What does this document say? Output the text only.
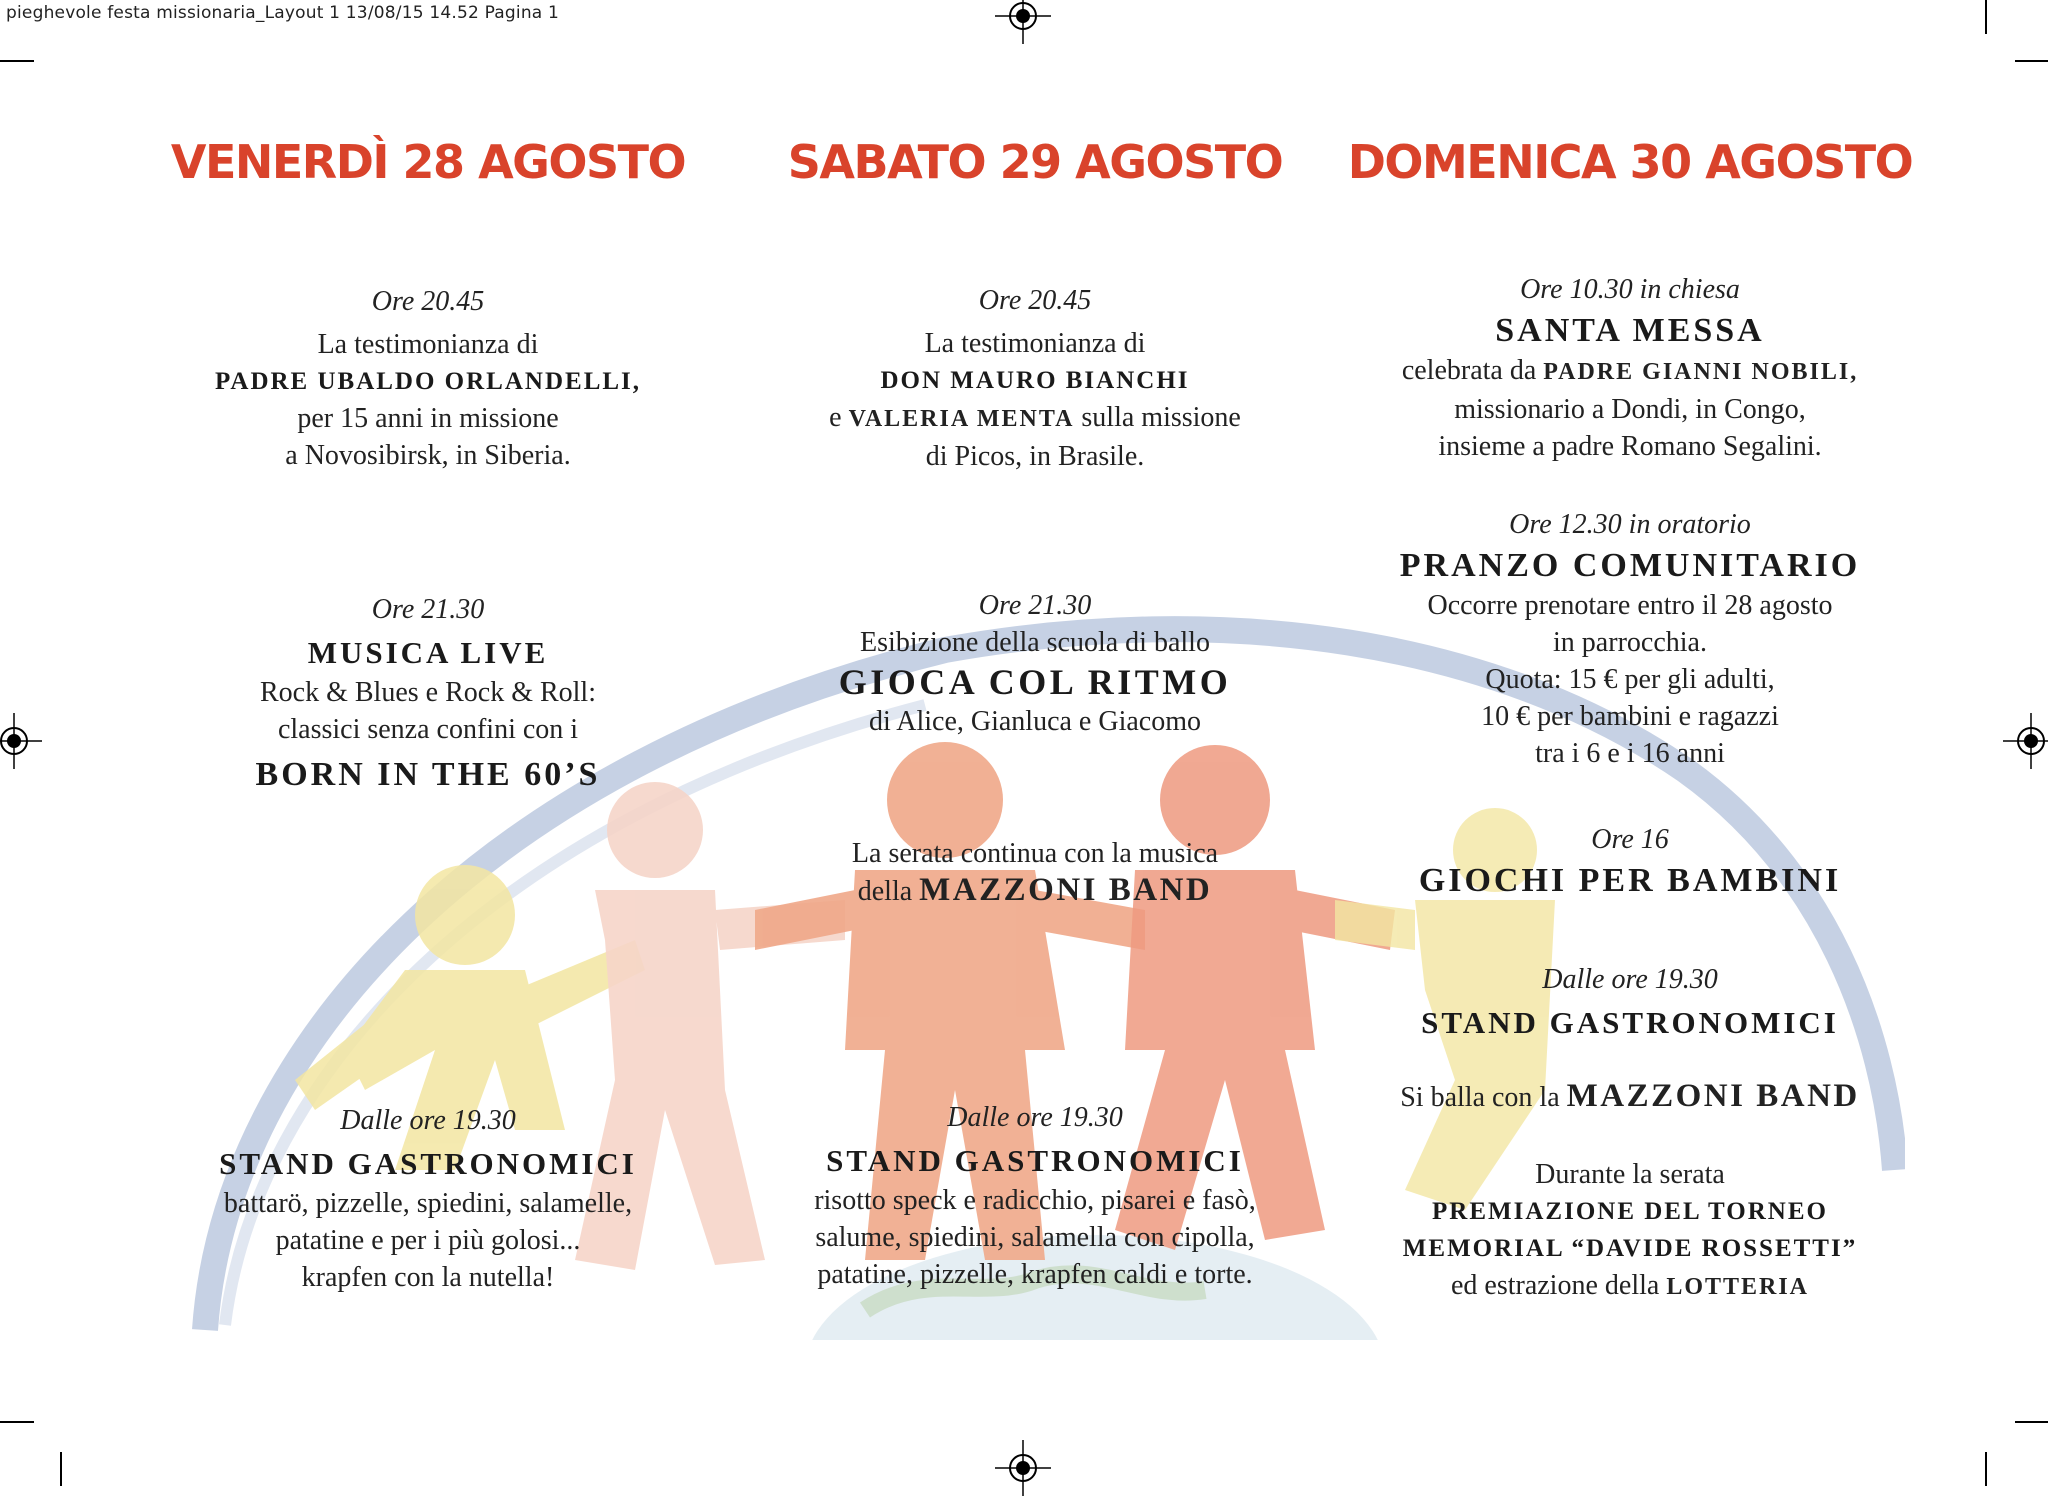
pieghevole festa missionaria_Layout 1 13/08/15 14.52 Pagina 1
VENERDÌ 28 AGOSTO
Ore 20.45
La testimonianza di
PADRE UBALDO ORLANDELLI,
per 15 anni in missione
a Novosibirsk, in Siberia.
Ore 21.30
MUSICA LIVE
Rock & Blues e Rock & Roll:
classici senza confini con i
BORN IN THE 60’S
Dalle ore 19.30
STAND GASTRONOMICI
battarö, pizzelle, spiedini, salamelle,
patatine e per i più golosi...
krapfen con la nutella!
SABATO 29 AGOSTO
Ore 20.45
La testimonianza di
DON MAURO BIANCHI
e VALERIA MENTA sulla missione
di Picos, in Brasile.
Ore 21.30
Esibizione della scuola di ballo
GIOCA COL RITMO
di Alice, Gianluca e Giacomo
La serata continua con la musica
della MAZZONI BAND
Dalle ore 19.30
STAND GASTRONOMICI
risotto speck e radicchio, pisarei e fasò,
salume, spiedini, salamella con cipolla,
patatine, pizzelle, krapfen caldi e torte.
DOMENICA 30 AGOSTO
Ore 10.30 in chiesa
SANTA MESSA
celebrata da PADRE GIANNI NOBILI,
missionario a Dondi, in Congo,
insieme a padre Romano Segalini.
Ore 12.30 in oratorio
PRANZO COMUNITARIO
Occorre prenotare entro il 28 agosto
in parrocchia.
Quota: 15 € per gli adulti,
10 € per bambini e ragazzi
tra i 6 e i 16 anni
Ore 16
GIOCHI PER BAMBINI
Dalle ore 19.30
STAND GASTRONOMICI
Si balla con la MAZZONI BAND
Durante la serata
PREMIAZIONE DEL TORNEO
MEMORIAL “DAVIDE ROSSETTI”
ed estrazione della LOTTERIA
